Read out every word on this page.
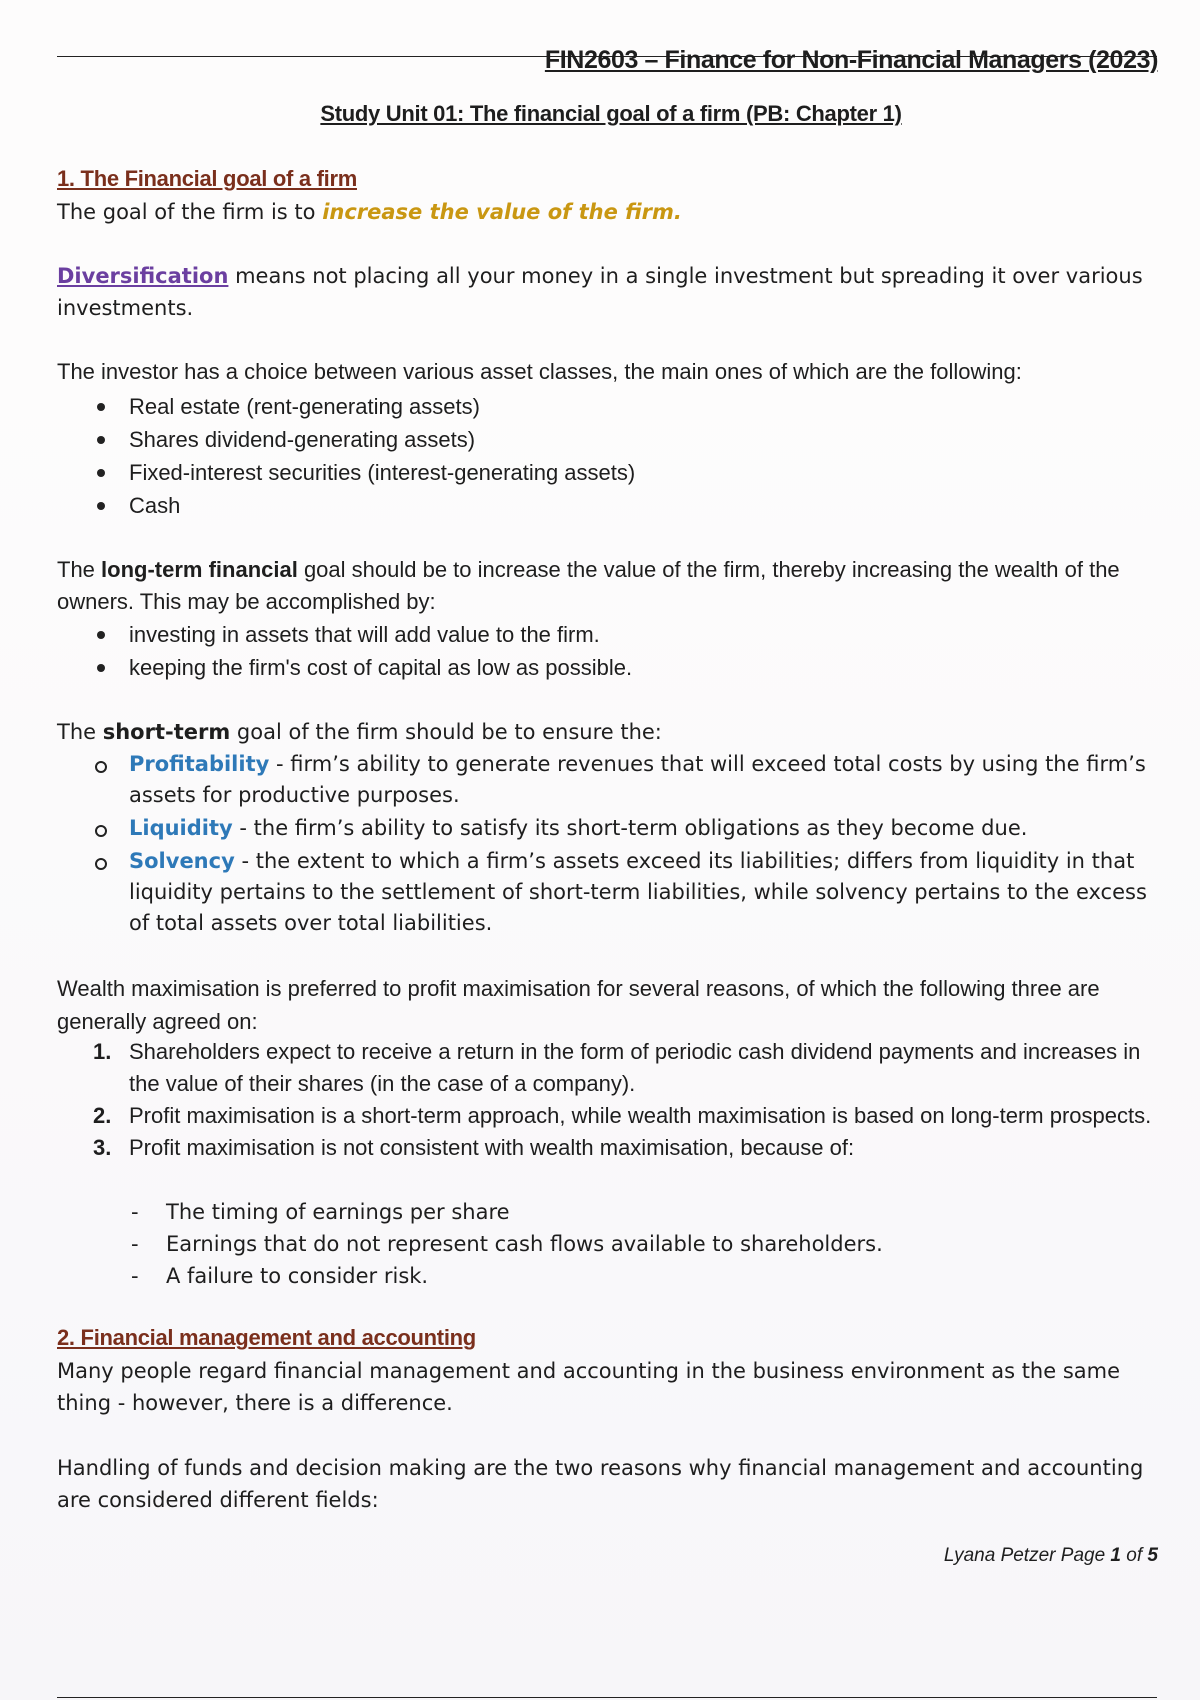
FIN2603 – Finance for Non-Financial Managers (2023)
Study Unit 01: The financial goal of a firm (PB: Chapter 1)
1. The Financial goal of a firm
The goal of the firm is to increase the value of the firm.
Diversification means not placing all your money in a single investment but spreading it over various investments.
The investor has a choice between various asset classes, the main ones of which are the following:
Real estate (rent-generating assets)
Shares dividend-generating assets)
Fixed-interest securities (interest-generating assets)
Cash
The long-term financial goal should be to increase the value of the firm, thereby increasing the wealth of the owners. This may be accomplished by:
investing in assets that will add value to the firm.
keeping the firm's cost of capital as low as possible.
The short-term goal of the firm should be to ensure the:
Profitability - firm’s ability to generate revenues that will exceed total costs by using the firm’s assets for productive purposes.
Liquidity - the firm’s ability to satisfy its short-term obligations as they become due.
Solvency - the extent to which a firm’s assets exceed its liabilities; differs from liquidity in that liquidity pertains to the settlement of short-term liabilities, while solvency pertains to the excess of total assets over total liabilities.
Wealth maximisation is preferred to profit maximisation for several reasons, of which the following three are generally agreed on:
1. Shareholders expect to receive a return in the form of periodic cash dividend payments and increases in the value of their shares (in the case of a company).
2. Profit maximisation is a short-term approach, while wealth maximisation is based on long-term prospects.
3. Profit maximisation is not consistent with wealth maximisation, because of:
- The timing of earnings per share
- Earnings that do not represent cash flows available to shareholders.
- A failure to consider risk.
2. Financial management and accounting
Many people regard financial management and accounting in the business environment as the same thing - however, there is a difference.
Handling of funds and decision making are the two reasons why financial management and accounting are considered different fields:
Lyana Petzer Page 1 of 5
